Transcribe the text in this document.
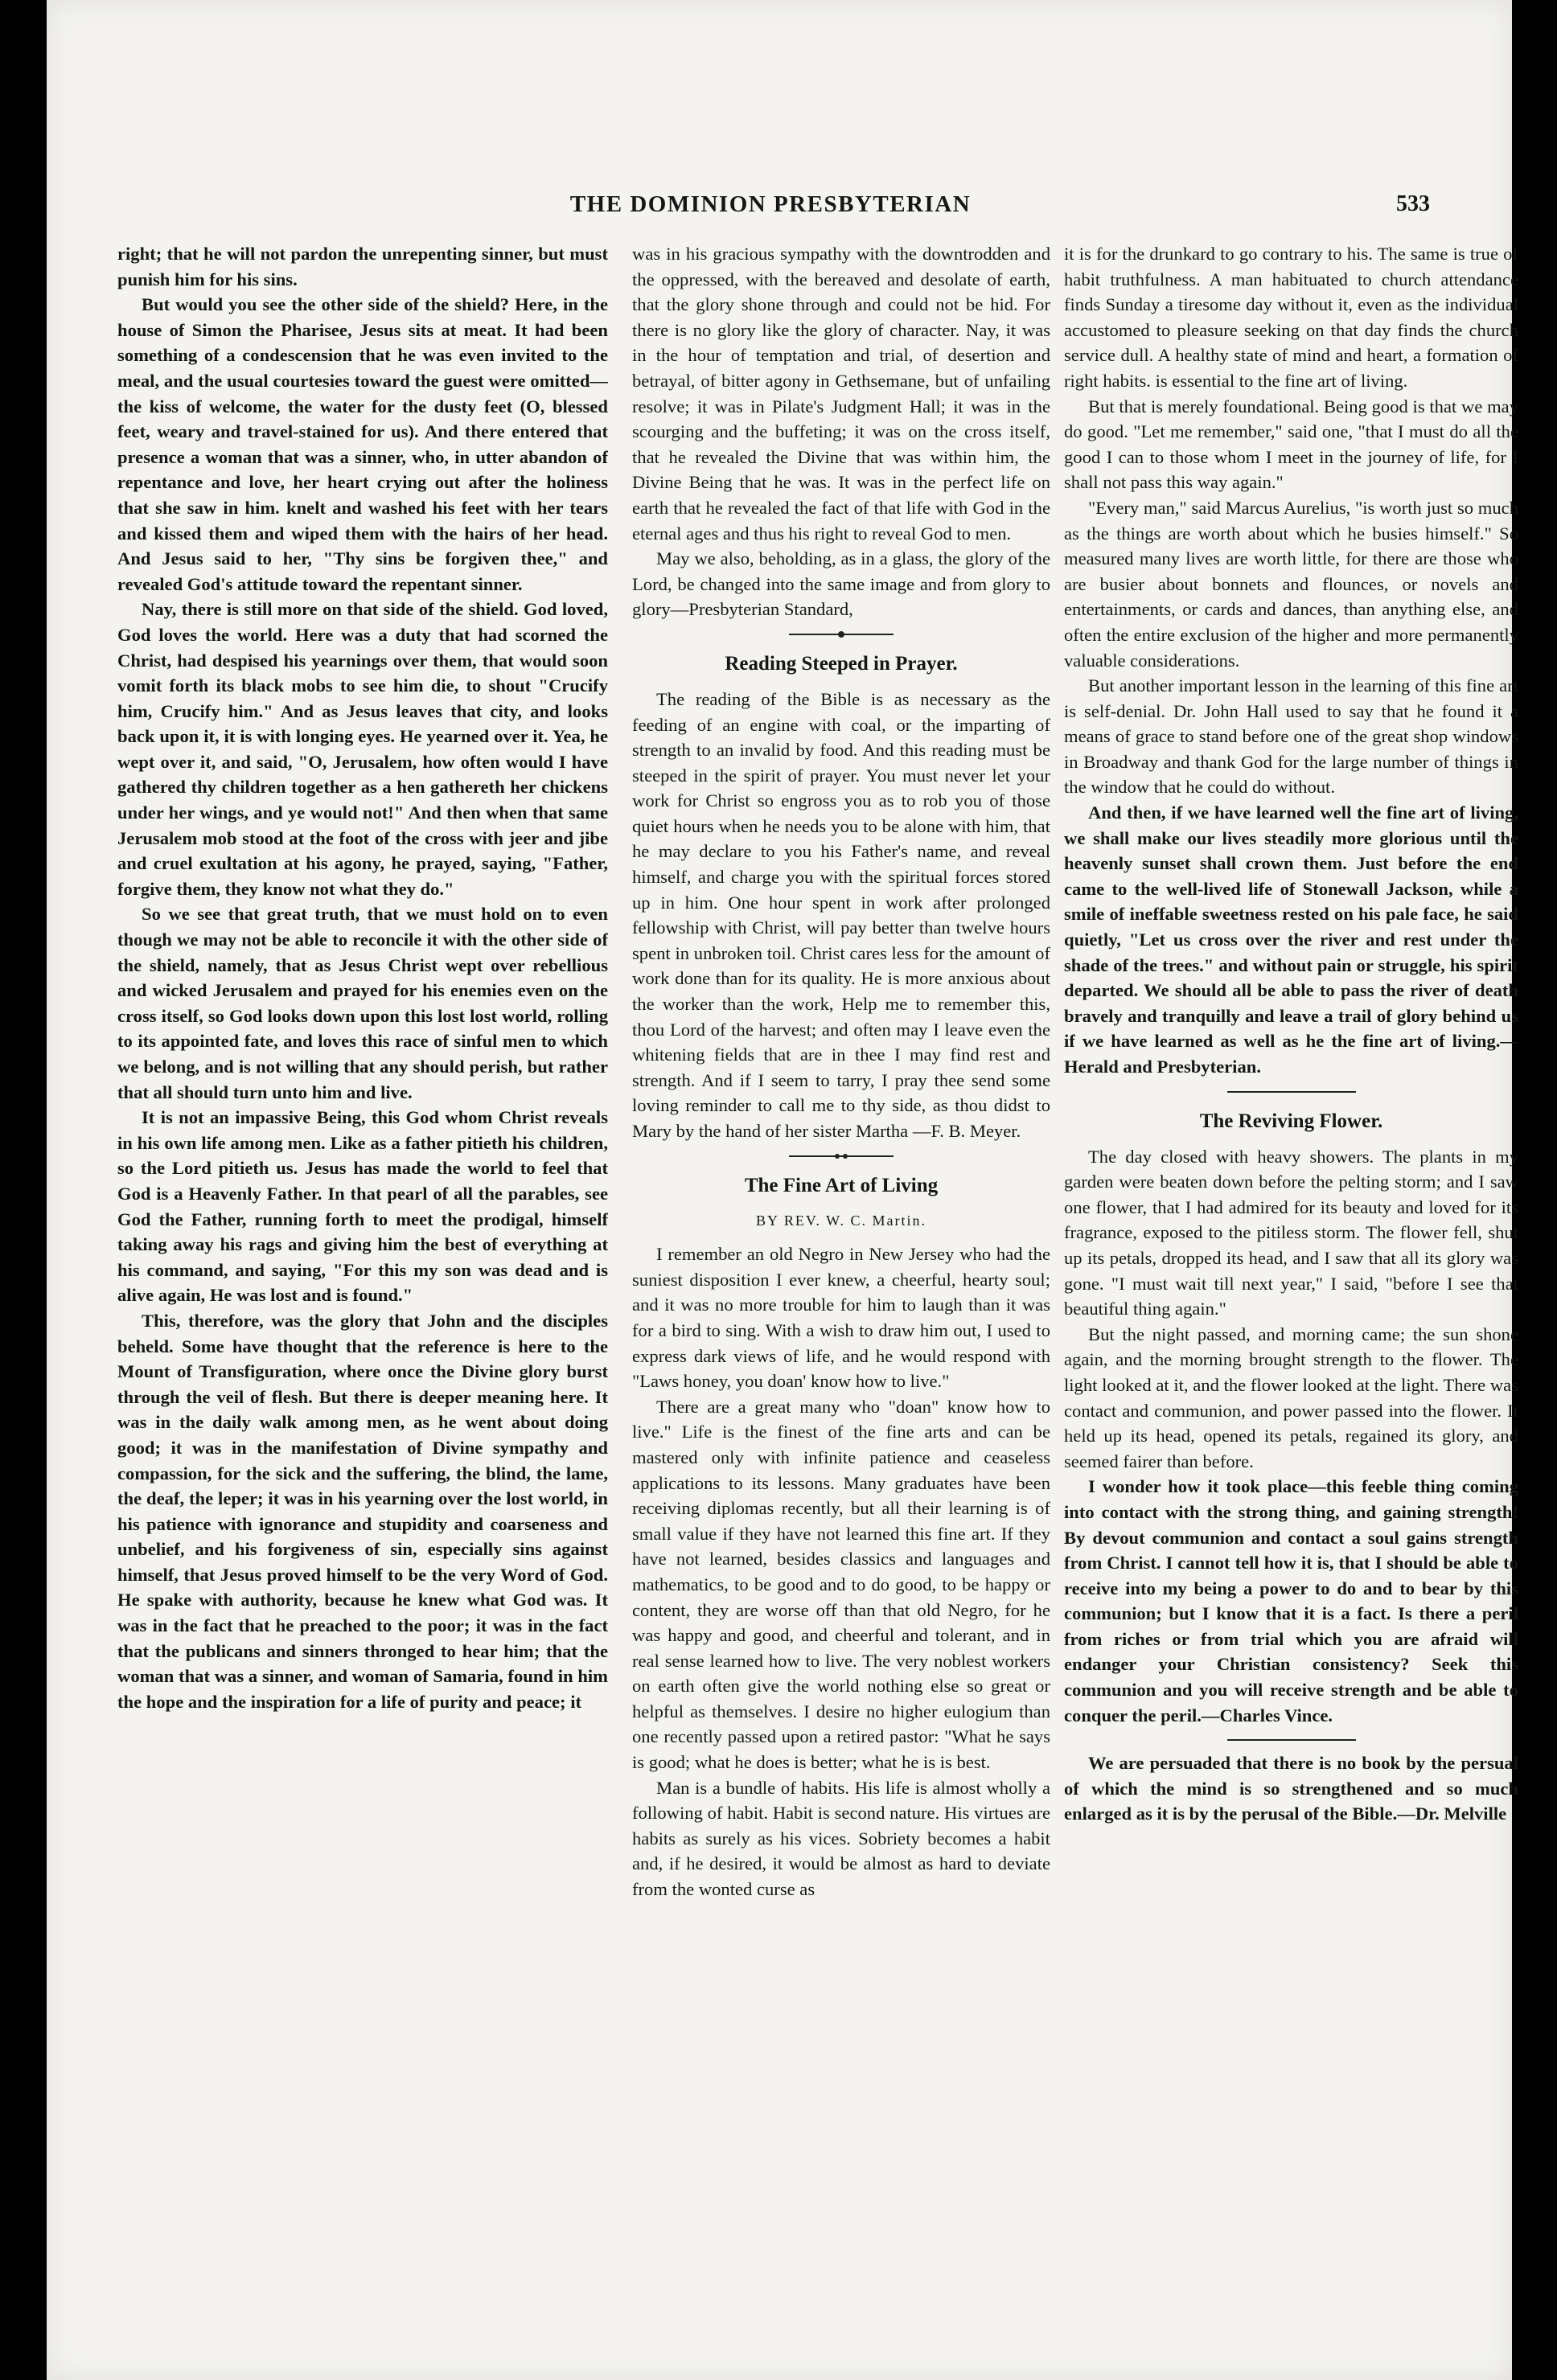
THE DOMINION PRESBYTERIAN	533

right; that he will not pardon the unrepenting sinner, but must punish him for his sins.

But would you see the other side of the shield? Here, in the house of Simon the Pharisee, Jesus sits at meat. It had been something of a condescension that he was even invited to the meal, and the usual courtesies toward the guest were omitted—the kiss of welcome, the water for the dusty feet (O, blessed feet, weary and travel-stained for us). And there entered that presence a woman that was a sinner, who, in utter abandon of repentance and love, her heart crying out after the holiness that she saw in him. knelt and washed his feet with her tears and kissed them and wiped them with the hairs of her head. And Jesus said to her, "Thy sins be forgiven thee," and revealed God's attitude toward the repentant sinner.

Nay, there is still more on that side of the shield. God loved, God loves the world. Here was a duty that had scorned the Christ, had despised his yearnings over them, that would soon vomit forth its black mobs to see him die, to shout "Crucify him, Crucify him." And as Jesus leaves that city, and looks back upon it, it is with longing eyes. He yearned over it. Yea, he wept over it, and said, "O, Jerusalem, how often would I have gathered thy children together as a hen gathereth her chickens under her wings, and ye would not!" And then when that same Jerusalem mob stood at the foot of the cross with jeer and jibe and cruel exultation at his agony, he prayed, saying, "Father, forgive them, they know not what they do."

So we see that great truth, that we must hold on to even though we may not be able to reconcile it with the other side of the shield, namely, that as Jesus Christ wept over rebellious and wicked Jerusalem and prayed for his enemies even on the cross itself, so God looks down upon this lost lost world, rolling to its appointed fate, and loves this race of sinful men to which we belong, and is not willing that any should perish, but rather that all should turn unto him and live.

It is not an impassive Being, this God whom Christ reveals in his own life among men. Like as a father pitieth his children, so the Lord pitieth us. Jesus has made the world to feel that God is a Heavenly Father. In that pearl of all the parables, see God the Father, running forth to meet the prodigal, himself taking away his rags and giving him the best of everything at his command, and saying, "For this my son was dead and is alive again, He was lost and is found."

This, therefore, was the glory that John and the disciples beheld. Some have thought that the reference is here to the Mount of Transfiguration, where once the Divine glory burst through the veil of flesh. But there is deeper meaning here. It was in the daily walk among men, as he went about doing good; it was in the manifestation of Divine sympathy and compassion, for the sick and the suffering, the blind, the lame, the deaf, the leper; it was in his yearning over the lost world, in his patience with ignorance and stupidity and coarseness and unbelief, and his forgiveness of sin, especially sins against himself, that Jesus proved himself to be the very Word of God. He spake with authority, because he knew what God was. It was in the fact that he preached to the poor; it was in the fact that the publicans and sinners thronged to hear him; that the woman that was a sinner, and woman of Samaria, found in him the hope and the inspiration for a life of purity and peace; it

was in his gracious sympathy with the downtrodden and the oppressed, with the bereaved and desolate of earth, that the glory shone through and could not be hid. For there is no glory like the glory of character. Nay, it was in the hour of temptation and trial, of desertion and betrayal, of bitter agony in Gethsemane, but of unfailing resolve; it was in Pilate's Judgment Hall; it was in the scourging and the buffeting; it was on the cross itself, that he revealed the Divine that was within him, the Divine Being that he was. It was in the perfect life on earth that he revealed the fact of that life with God in the eternal ages and thus his right to reveal God to men.

May we also, beholding, as in a glass, the glory of the Lord, be changed into the same image and from glory to glory—Presbyterian Standard,

Reading Steeped in Prayer.

The reading of the Bible is as necessary as the feeding of an engine with coal, or the imparting of strength to an invalid by food. And this reading must be steeped in the spirit of prayer. You must never let your work for Christ so engross you as to rob you of those quiet hours when he needs you to be alone with him, that he may declare to you his Father's name, and reveal himself, and charge you with the spiritual forces stored up in him. One hour spent in work after prolonged fellowship with Christ, will pay better than twelve hours spent in unbroken toil. Christ cares less for the amount of work done than for its quality. He is more anxious about the worker than the work, Help me to remember this, thou Lord of the harvest; and often may I leave even the whitening fields that are in thee I may find rest and strength. And if I seem to tarry, I pray thee send some loving reminder to call me to thy side, as thou didst to Mary by the hand of her sister Martha —F. B. Meyer.

The Fine Art of Living
BY REV. W. C. Martin.

I remember an old Negro in New Jersey who had the suniest disposition I ever knew, a cheerful, hearty soul; and it was no more trouble for him to laugh than it was for a bird to sing. With a wish to draw him out, I used to express dark views of life, and he would respond with "Laws honey, you doan' know how to live."

There are a great many who "doan" know how to live." Life is the finest of the fine arts and can be mastered only with infinite patience and ceaseless applications to its lessons. Many graduates have been receiving diplomas recently, but all their learning is of small value if they have not learned this fine art. If they have not learned, besides classics and languages and mathematics, to be good and to do good, to be happy or content, they are worse off than that old Negro, for he was happy and good, and cheerful and tolerant, and in real sense learned how to live. The very noblest workers on earth often give the world nothing else so great or helpful as themselves. I desire no higher eulogium than one recently passed upon a retired pastor: "What he says is good; what he does is better; what he is is best.

Man is a bundle of habits. His life is almost wholly a following of habit. Habit is second nature. His virtues are habits as surely as his vices. Sobriety becomes a habit and, if he desired, it would be almost as hard to deviate from the wonted curse as

it is for the drunkard to go contrary to his. The same is true of habit truthfulness. A man habituated to church attendance finds Sunday a tiresome day without it, even as the individual accustomed to pleasure seeking on that day finds the church service dull. A healthy state of mind and heart, a formation of right habits. is essential to the fine art of living.

But that is merely foundational. Being good is that we may do good. "Let me remember," said one, "that I must do all the good I can to those whom I meet in the journey of life, for I shall not pass this way again."

"Every man," said Marcus Aurelius, "is worth just so much as the things are worth about which he busies himself." So measured many lives are worth little, for there are those who are busier about bonnets and flounces, or novels and entertainments, or cards and dances, than anything else, and often the entire exclusion of the higher and more permanently valuable considerations.

But another important lesson in the learning of this fine art is self-denial. Dr. John Hall used to say that he found it a means of grace to stand before one of the great shop windows in Broadway and thank God for the large number of things in the window that he could do without.

And then, if we have learned well the fine art of living, we shall make our lives steadily more glorious until the heavenly sunset shall crown them. Just before the end came to the well-lived life of Stonewall Jackson, while a smile of ineffable sweetness rested on his pale face, he said quietly, "Let us cross over the river and rest under the shade of the trees." and without pain or struggle, his spirit departed. We should all be able to pass the river of death bravely and tranquilly and leave a trail of glory behind us if we have learned as well as he the fine art of living.—Herald and Presbyterian.

The Reviving Flower.

The day closed with heavy showers. The plants in my garden were beaten down before the pelting storm; and I saw one flower, that I had admired for its beauty and loved for its fragrance, exposed to the pitiless storm. The flower fell, shut up its petals, dropped its head, and I saw that all its glory was gone. "I must wait till next year," I said, "before I see that beautiful thing again."

But the night passed, and morning came; the sun shone again, and the morning brought strength to the flower. The light looked at it, and the flower looked at the light. There was contact and communion, and power passed into the flower. It held up its head, opened its petals, regained its glory, and seemed fairer than before.

I wonder how it took place—this feeble thing coming into contact with the strong thing, and gaining strength! By devout communion and contact a soul gains strength from Christ. I cannot tell how it is, that I should be able to receive into my being a power to do and to bear by this communion; but I know that it is a fact. Is there a peril from riches or from trial which you are afraid will endanger your Christian consistency? Seek this communion and you will receive strength and be able to conquer the peril.—Charles Vince.

We are persuaded that there is no book by the persual of which the mind is so strengthened and so much enlarged as it is by the perusal of the Bible.—Dr. Melville
